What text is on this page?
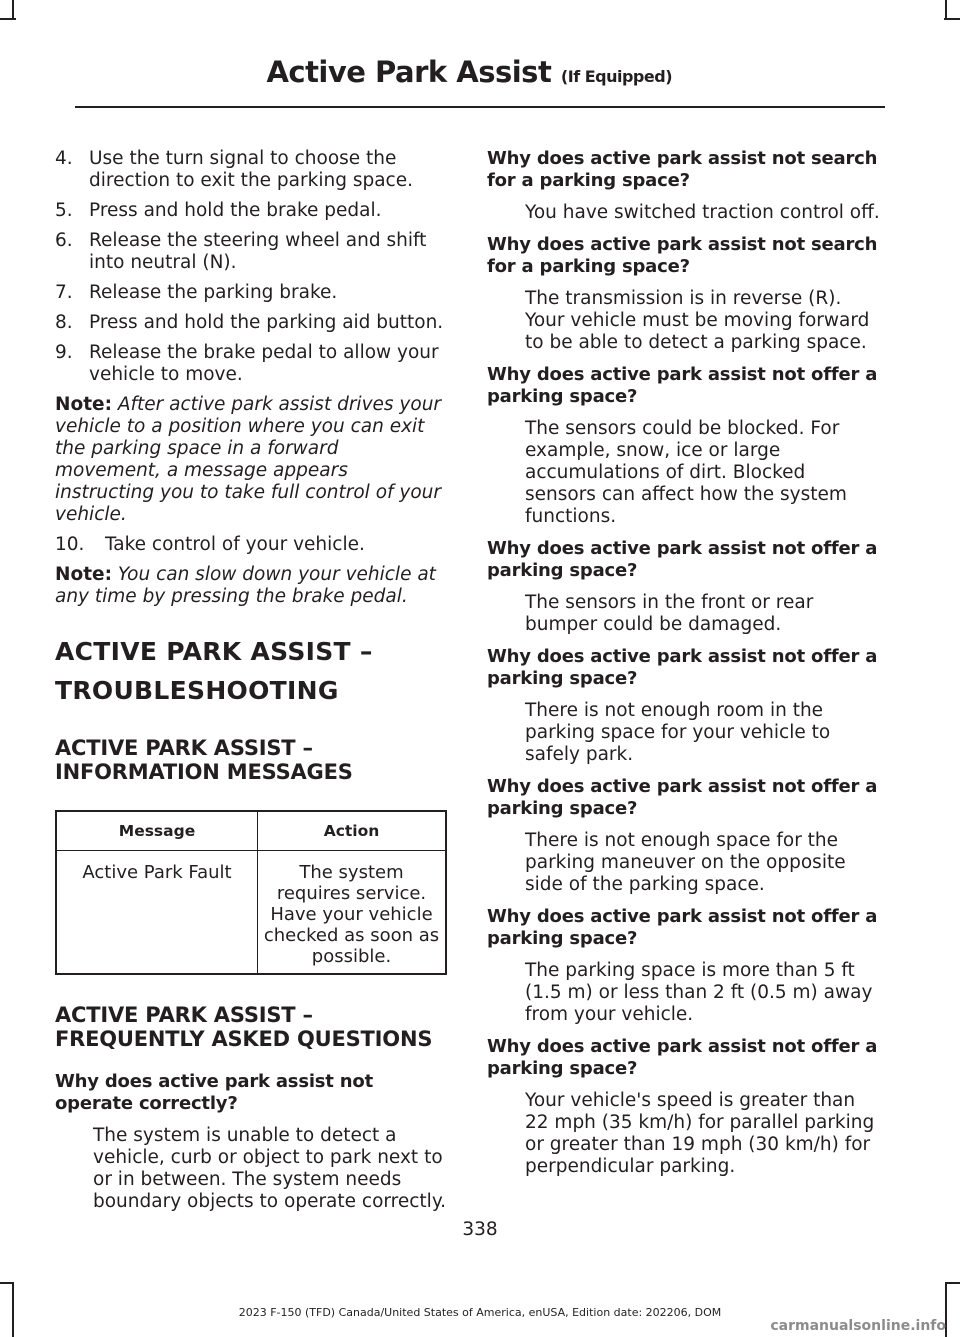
Active Park Assist (If Equipped)
4. Use the turn signal to choose the direction to exit the parking space.
5. Press and hold the brake pedal.
6. Release the steering wheel and shift into neutral (N).
7. Release the parking brake.
8. Press and hold the parking aid button.
9. Release the brake pedal to allow your vehicle to move.
Note: After active park assist drives your vehicle to a position where you can exit the parking space in a forward movement, a message appears instructing you to take full control of your vehicle.
10. Take control of your vehicle.
Note: You can slow down your vehicle at any time by pressing the brake pedal.
ACTIVE PARK ASSIST –
TROUBLESHOOTING
ACTIVE PARK ASSIST – INFORMATION MESSAGES
Message	Action
Active Park Fault	The system requires service. Have your vehicle checked as soon as possible.
ACTIVE PARK ASSIST – FREQUENTLY ASKED QUESTIONS
Why does active park assist not operate correctly?
The system is unable to detect a vehicle, curb or object to park next to or in between. The system needs boundary objects to operate correctly.
Why does active park assist not search for a parking space?
You have switched traction control off.
Why does active park assist not search for a parking space?
The transmission is in reverse (R). Your vehicle must be moving forward to be able to detect a parking space.
Why does active park assist not offer a parking space?
The sensors could be blocked. For example, snow, ice or large accumulations of dirt. Blocked sensors can affect how the system functions.
Why does active park assist not offer a parking space?
The sensors in the front or rear bumper could be damaged.
Why does active park assist not offer a parking space?
There is not enough room in the parking space for your vehicle to safely park.
Why does active park assist not offer a parking space?
There is not enough space for the parking maneuver on the opposite side of the parking space.
Why does active park assist not offer a parking space?
The parking space is more than 5 ft (1.5 m) or less than 2 ft (0.5 m) away from your vehicle.
Why does active park assist not offer a parking space?
Your vehicle's speed is greater than 22 mph (35 km/h) for parallel parking or greater than 19 mph (30 km/h) for perpendicular parking.
338
2023 F-150 (TFD) Canada/United States of America, enUSA, Edition date: 202206, DOM
carmanualsonline.info
